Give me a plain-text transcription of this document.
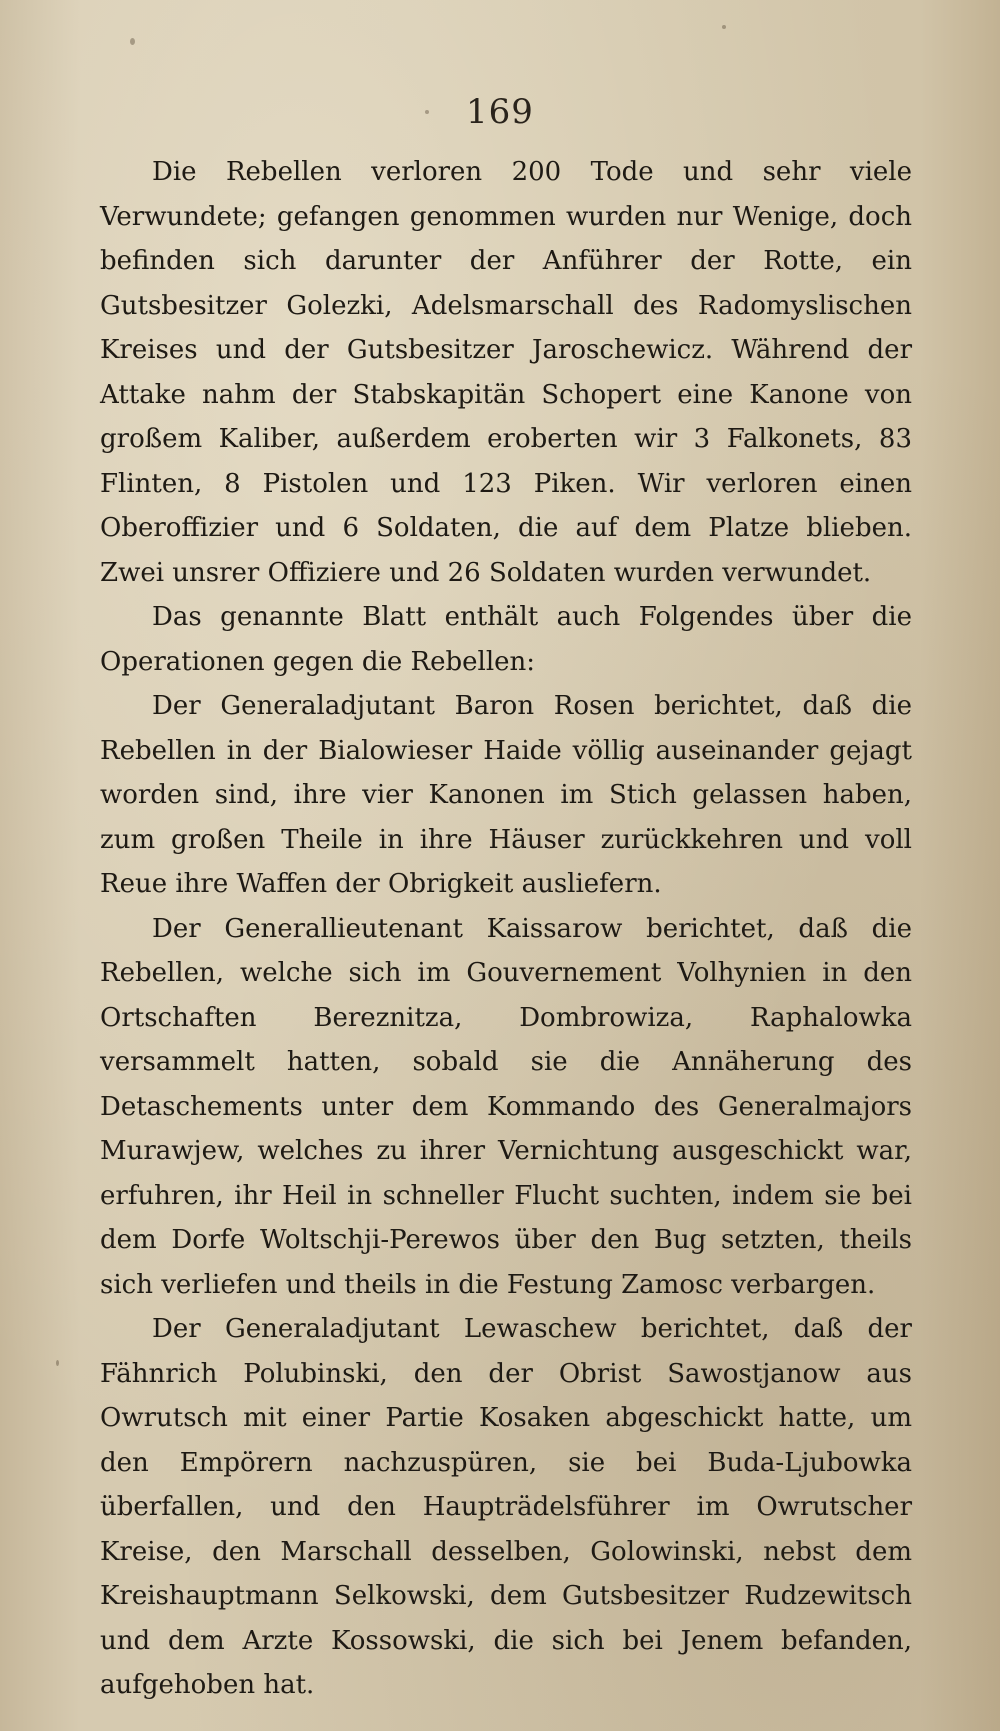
169

Die Rebellen verloren 200 Tode und sehr viele Verwundete; gefangen genommen wurden nur Wenige, doch befinden sich darunter der Anführer der Rotte, ein Gutsbesitzer Golezki, Adelsmarschall des Radomyslischen Kreises und der Gutsbesitzer Jaroschewicz. Während der Attake nahm der Stabskapitän Schopert eine Kanone von großem Kaliber, außerdem eroberten wir 3 Falkonets, 83 Flinten, 8 Pistolen und 123 Piken. Wir verloren einen Oberoffizier und 6 Soldaten, die auf dem Platze blieben. Zwei unsrer Offiziere und 26 Soldaten wurden verwundet.

Das genannte Blatt enthält auch Folgendes über die Operationen gegen die Rebellen:

Der Generaladjutant Baron Rosen berichtet, daß die Rebellen in der Bialowieser Haide völlig auseinander gejagt worden sind, ihre vier Kanonen im Stich gelassen haben, zum großen Theile in ihre Häuser zurückkehren und voll Reue ihre Waffen der Obrigkeit ausliefern.

Der Generallieutenant Kaissarow berichtet, daß die Rebellen, welche sich im Gouvernement Volhynien in den Ortschaften Bereznitza, Dombrowiza, Raphalowka versammelt hatten, sobald sie die Annäherung des Detaschements unter dem Kommando des Generalmajors Murawjew, welches zu ihrer Vernichtung ausgeschickt war, erfuhren, ihr Heil in schneller Flucht suchten, indem sie bei dem Dorfe Woltschji-Perewos über den Bug setzten, theils sich verliefen und theils in die Festung Zamosc verbargen.

Der Generaladjutant Lewaschew berichtet, daß der Fähnrich Polubinski, den der Obrist Sawostjanow aus Owrutsch mit einer Partie Kosaken abgeschickt hatte, um den Empörern nachzuspüren, sie bei Buda-Ljubowka überfallen, und den Haupträdelsführer im Owrutscher Kreise, den Marschall desselben, Golowinski, nebst dem Kreishauptmann Selkowski, dem Gutsbesitzer Rudzewitsch und dem Arzte Kossowski, die sich bei Jenem befanden, aufgehoben hat.
